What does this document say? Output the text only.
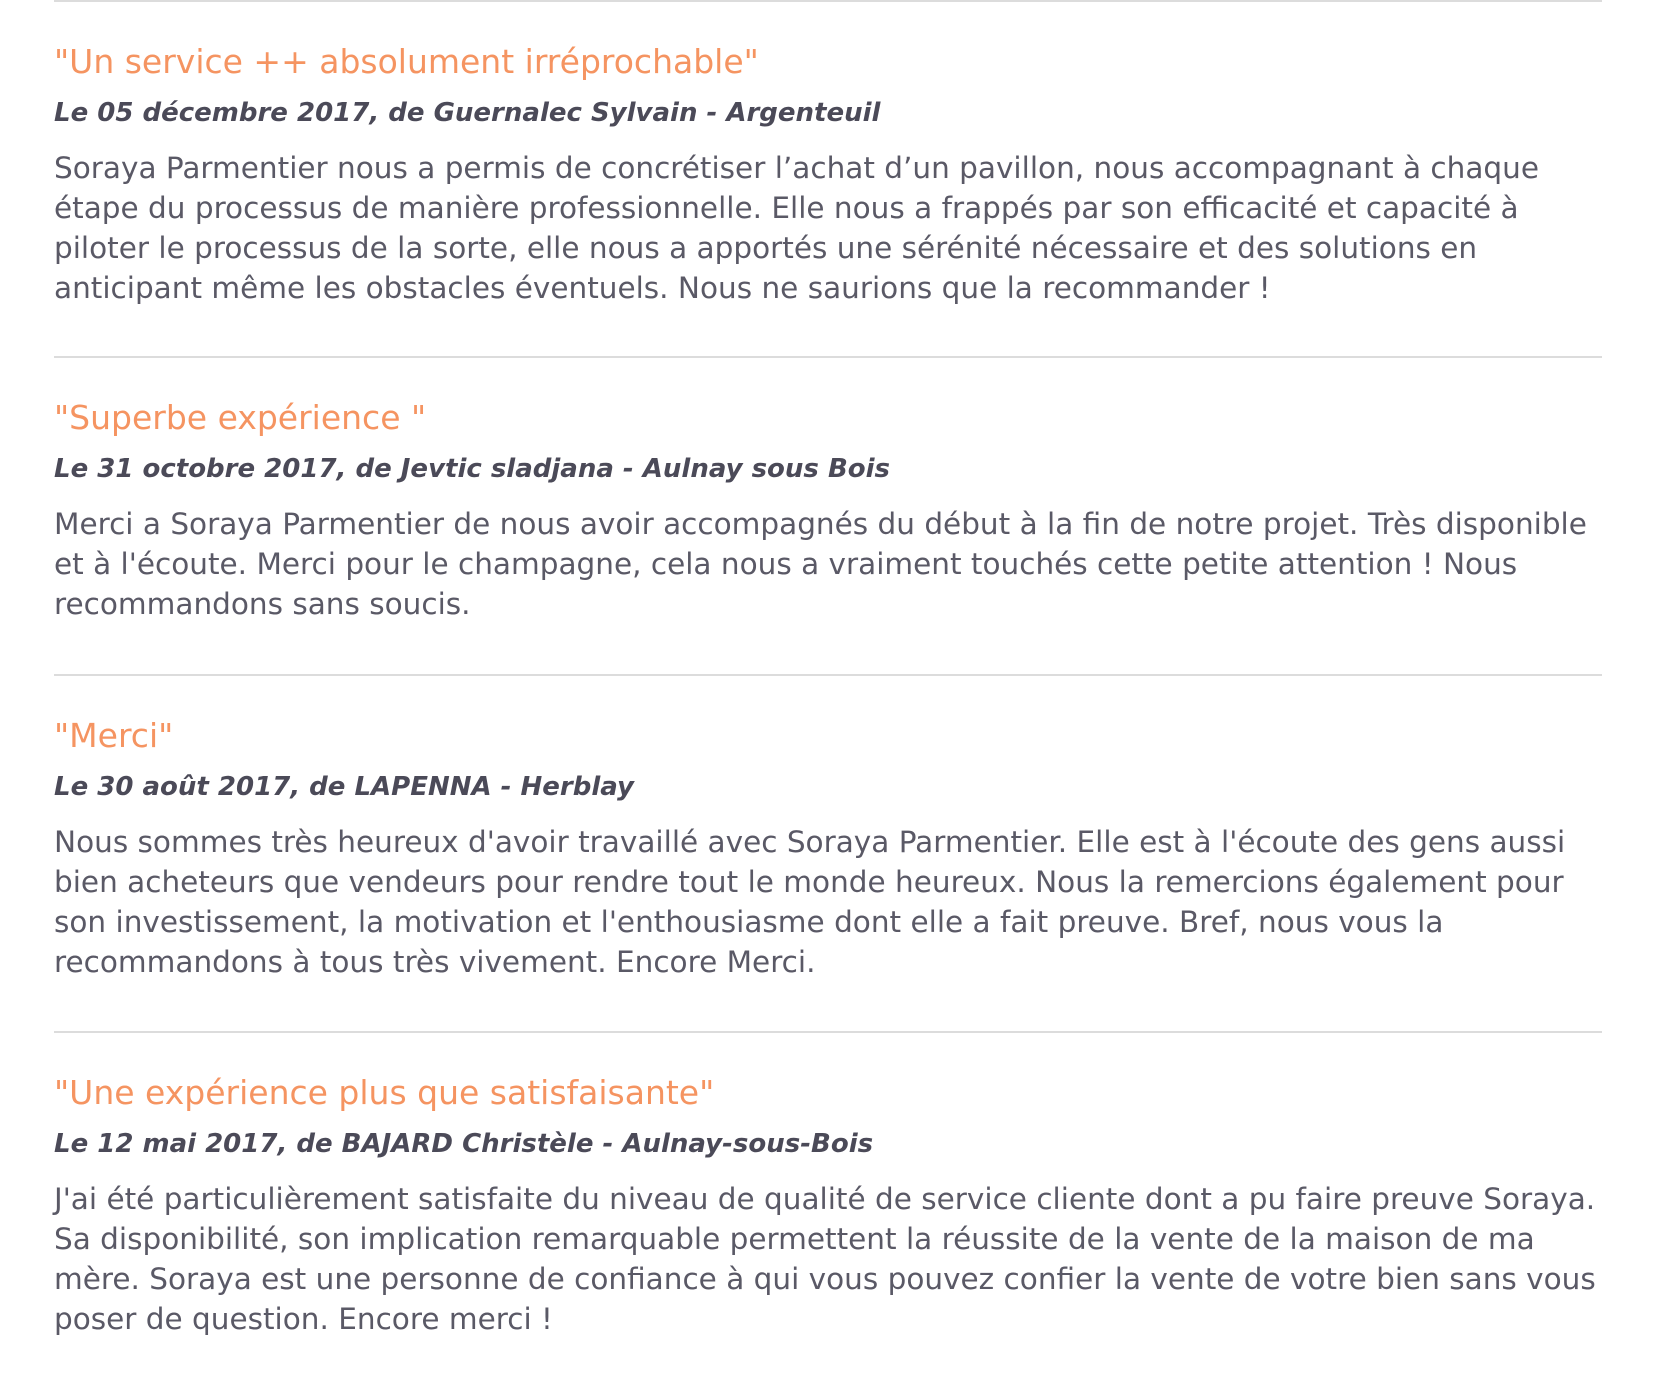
"Un service ++ absolument irréprochable"

Le 05 décembre 2017, de Guernalec Sylvain - Argenteuil

Soraya Parmentier nous a permis de concrétiser l’achat d’un pavillon, nous accompagnant à chaque étape du processus de manière professionnelle. Elle nous a frappés par son efficacité et capacité à piloter le processus de la sorte, elle nous a apportés une sérénité nécessaire et des solutions en anticipant même les obstacles éventuels. Nous ne saurions que la recommander !

"Superbe expérience "

Le 31 octobre 2017, de Jevtic sladjana - Aulnay sous Bois

Merci a Soraya Parmentier de nous avoir accompagnés du début à la fin de notre projet. Très disponible et à l'écoute. Merci pour le champagne, cela nous a vraiment touchés cette petite attention ! Nous recommandons sans soucis.

"Merci"

Le 30 août 2017, de LAPENNA - Herblay

Nous sommes très heureux d'avoir travaillé avec Soraya Parmentier. Elle est à l'écoute des gens aussi bien acheteurs que vendeurs pour rendre tout le monde heureux. Nous la remercions également pour son investissement, la motivation et l'enthousiasme dont elle a fait preuve. Bref, nous vous la recommandons à tous très vivement. Encore Merci.

"Une expérience plus que satisfaisante"

Le 12 mai 2017, de BAJARD Christèle - Aulnay-sous-Bois

J'ai été particulièrement satisfaite du niveau de qualité de service cliente dont a pu faire preuve Soraya. Sa disponibilité, son implication remarquable permettent la réussite de la vente de la maison de ma mère. Soraya est une personne de confiance à qui vous pouvez confier la vente de votre bien sans vous poser de question. Encore merci !
